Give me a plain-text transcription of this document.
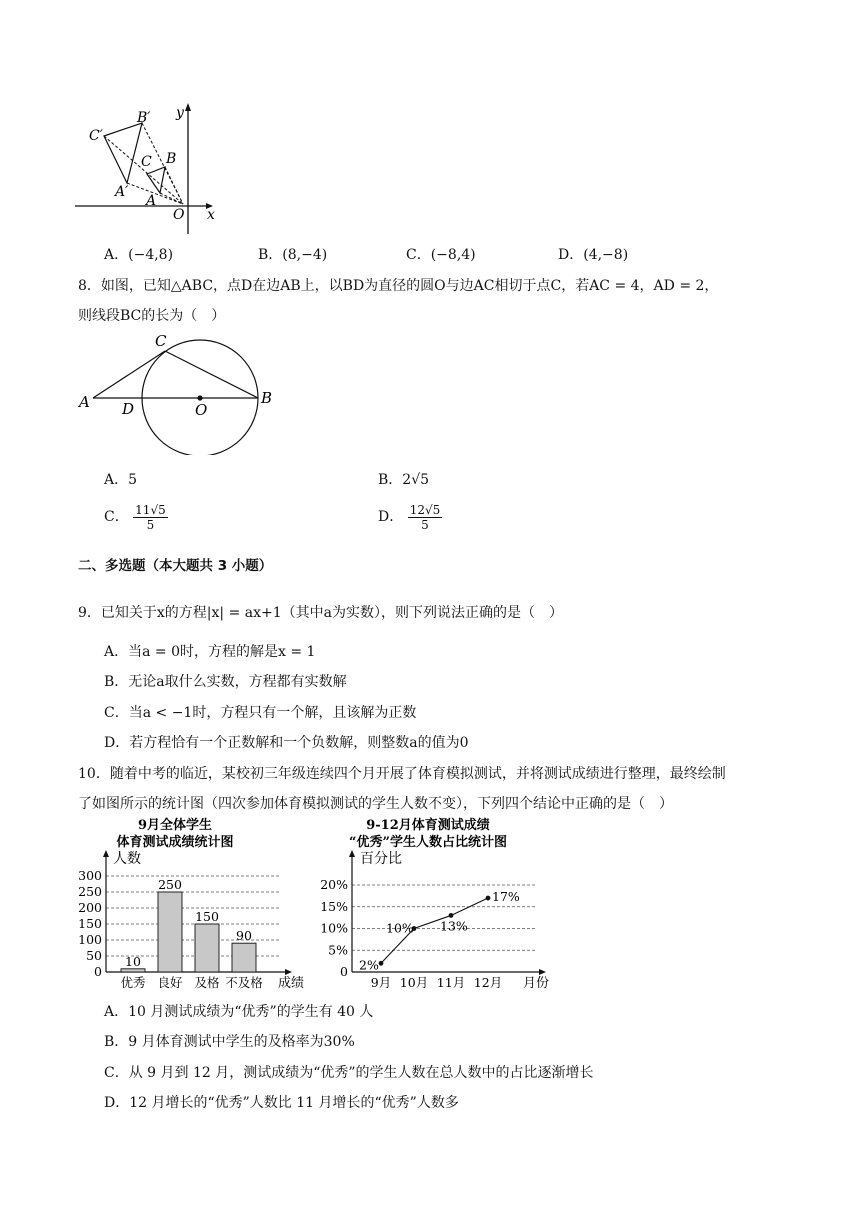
y
x
O
B′
C′
A′
C B
A
A．(−4,8)	B．(8,−4)	C．(−8,4)	D．(4,−8)
8．如图，已知△ABC，点D在边AB上，以BD为直径的圆O与边AC相切于点C，若AC = 4，AD = 2，
则线段BC的长为（　）
A	B
C
D	O
A．5	B．2√5
C． $\frac{11√5}{5}$	D． $\frac{12√5}{5}$
二、多选题（本大题共 3 小题）
9．已知关于x的方程|x| = ax+1（其中a为实数），则下列说法正确的是（　）
A．当a = 0时，方程的解是x = 1
B．无论a取什么实数，方程都有实数解
C．当a < −1时，方程只有一个解，且该解为正数
D．若方程恰有一个正数解和一个负数解，则整数a的值为0
10．随着中考的临近，某校初三年级连续四个月开展了体育模拟测试，并将测试成绩进行整理，最终绘制
了如图所示的统计图（四次参加体育模拟测试的学生人数不变），下列四个结论中正确的是（　）
9月全体学生
体育测试成绩统计图
人数
成绩
0
50
100
150
200
250
300
10
优秀
250
良好
150
及格
90
不及格
9-12月体育测试成绩
“优秀”学生人数占比统计图
百分比
月份
0
5%
10%
15%
20%
2%
9月
10%
10月
13%
11月
17%
12月
A．10 月测试成绩为“优秀”的学生有 40 人
B．9 月体育测试中学生的及格率为30%
C．从 9 月到 12 月，测试成绩为“优秀”的学生人数在总人数中的占比逐渐增长
D．12 月增长的“优秀”人数比 11 月增长的“优秀”人数多
